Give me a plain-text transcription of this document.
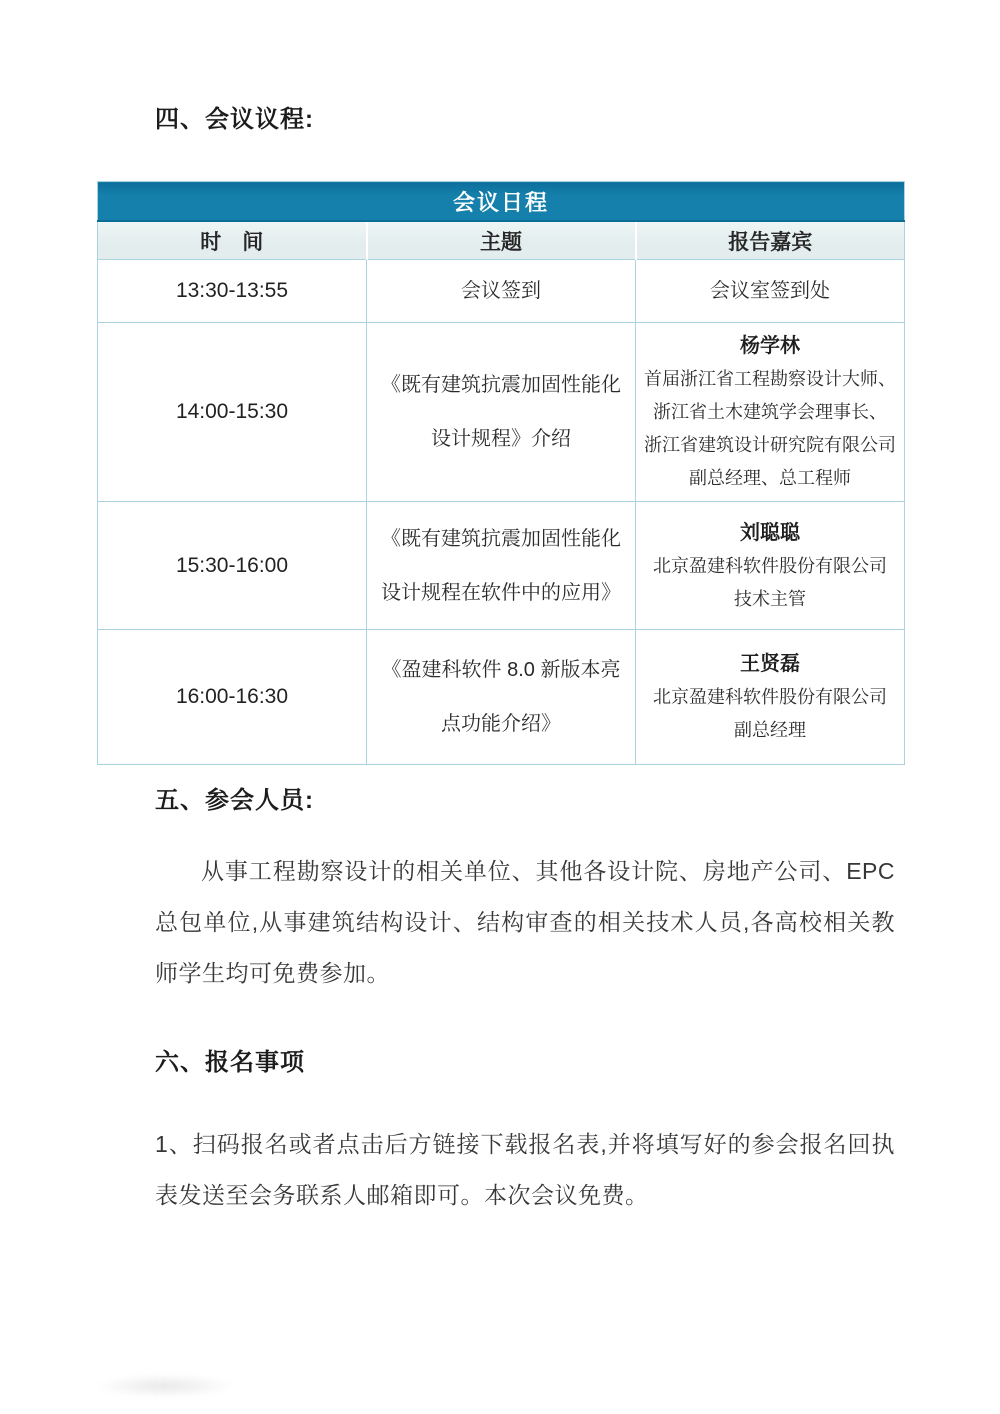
四、会议议程:
会议日程		
时　间	主题	报告嘉宾
13:30-13:55	会议签到	会议室签到处

14:00-15:30	《既有建筑抗震加固性能化设计规程》介绍	杨学林
首届浙江省工程勘察设计大师、
浙江省土木建筑学会理事长、
浙江省建筑设计研究院有限公司
副总经理、总工程师

15:30-16:00	《既有建筑抗震加固性能化设计规程在软件中的应用》	刘聪聪
北京盈建科软件股份有限公司
技术主管

16:00-16:30	《盈建科软件 8.0 新版本亮点功能介绍》	王贤磊
北京盈建科软件股份有限公司
副总经理
五、参会人员:

从事工程勘察设计的相关单位、其他各设计院、房地产公司、EPC总包单位,从事建筑结构设计、结构审查的相关技术人员,各高校相关教师学生均可免费参加。

六、报名事项

1、扫码报名或者点击后方链接下载报名表,并将填写好的参会报名回执表发送至会务联系人邮箱即可。本次会议免费。
